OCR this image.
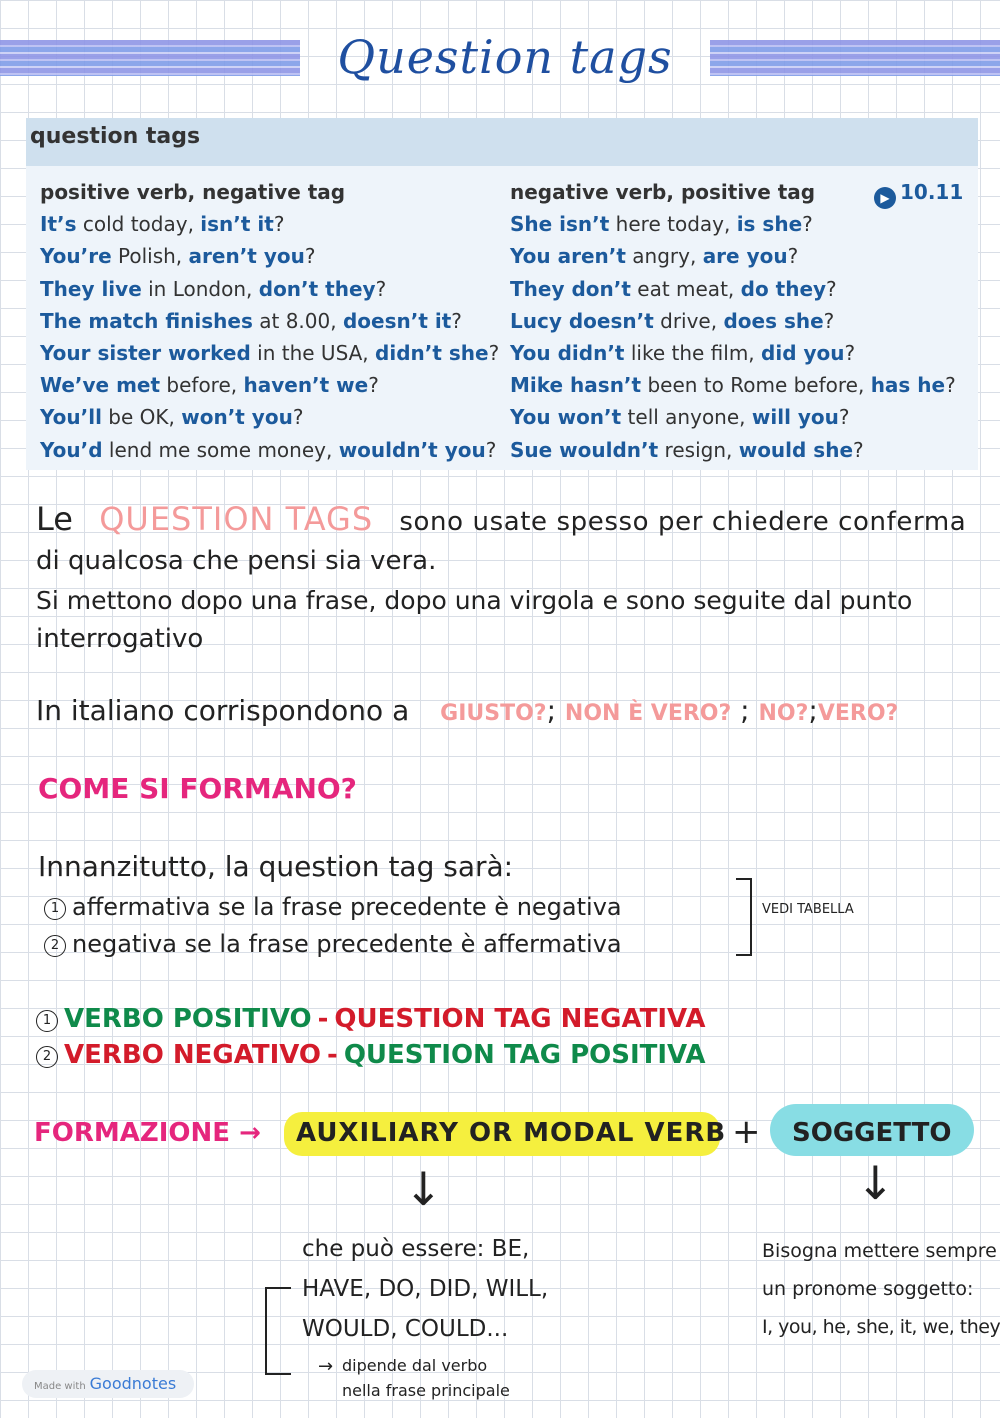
Question tags
question tags
positive verb, negative tag
It’s cold today, isn’t it?
You’re Polish, aren’t you?
They live in London, don’t they?
The match finishes at 8.00, doesn’t it?
Your sister worked in the USA, didn’t she?
We’ve met before, haven’t we?
You’ll be OK, won’t you?
You’d lend me some money, wouldn’t you?
negative verb, positive tag
She isn’t here today, is she?
You aren’t angry, are you?
They don’t eat meat, do they?
Lucy doesn’t drive, does she?
You didn’t like the film, did you?
Mike hasn’t been to Rome before, has he?
You won’t tell anyone, will you?
Sue wouldn’t resign, would she?
▶ 10.11
Le QUESTION TAGS sono usate spesso per chiedere conferma
di qualcosa che pensi sia vera.
Si mettono dopo una frase, dopo una virgola e sono seguite dal punto
interrogativo
In italiano corrispondono a GIUSTO?; NON È VERO? ; NO?;VERO?
COME SI FORMANO?
Innanzitutto, la question tag sarà:
1 affermativa se la frase precedente è negativa
2 negativa se la frase precedente è affermativa
VEDI TABELLA
1 VERBO POSITIVO - QUESTION TAG NEGATIVA
2 VERBO NEGATIVO - QUESTION TAG POSITIVA
FORMAZIONE → AUXILIARY OR MODAL VERB + SOGGETTO
↓	↓
che può essere: BE,
HAVE, DO, DID, WILL,
WOULD, COULD...
→ dipende dal verbo
nella frase principale
Bisogna mettere sempre
un pronome soggetto:
I, you, he, she, it, we, they
Made with Goodnotes
